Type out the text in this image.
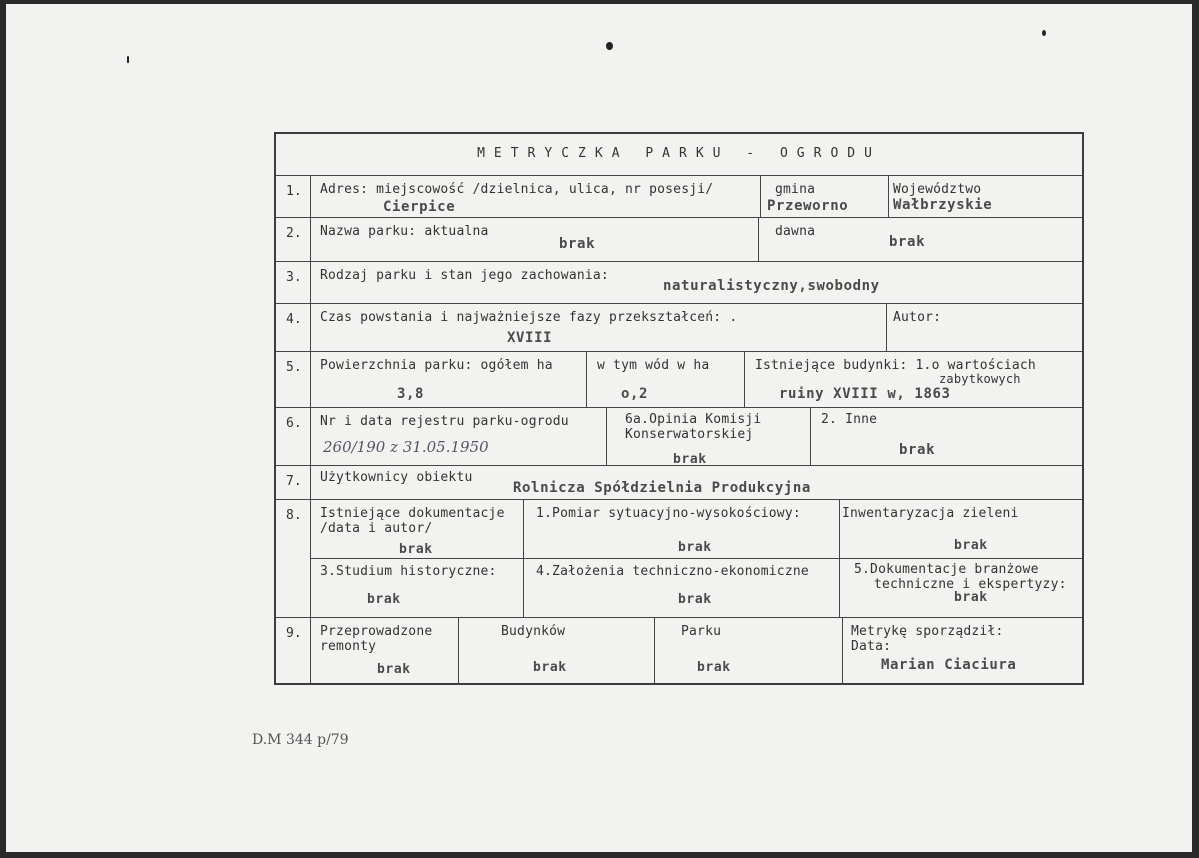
METRYCZKA PARKU - OGRODU
1. Adres: miejscowość /dzielnica, ulica, nr posesji/
Cierpice
gmina
Przeworno
Województwo
Wałbrzyskie
2. Nazwa parku: aktualna
brak
dawna
brak
3. Rodzaj parku i stan jego zachowania:
naturalistyczny,swobodny
4. Czas powstania i najważniejsze fazy przekształceń: .
XVIII
Autor:
5. Powierzchnia parku: ogółem ha
3,8
w tym wód w ha
o,2
Istniejące budynki: 1.o wartościach
zabytkowych
ruiny XVIII w, 1863
6. Nr i data rejestru parku-ogrodu
260/190 z 31.05.1950
6a.Opinia Komisji
Konserwatorskiej
brak
2. Inne
brak
7. Użytkownicy obiektu
Rolnicza Spółdzielnia Produkcyjna
8. Istniejące dokumentacje
/data i autor/
brak
1.Pomiar sytuacyjno-wysokościowy:
brak
4.Założenia techniczno-ekonomiczne
brak
Inwentaryzacja zieleni
brak
5.Dokumentacje branżowe
techniczne i ekspertyzy:
brak
3.Studium historyczne:
brak
9. Przeprowadzone
remonty
brak
Budynków
brak
Parku
brak
Metrykę sporządził:
Data:
Marian Ciaciura
D.M 344 p/79
